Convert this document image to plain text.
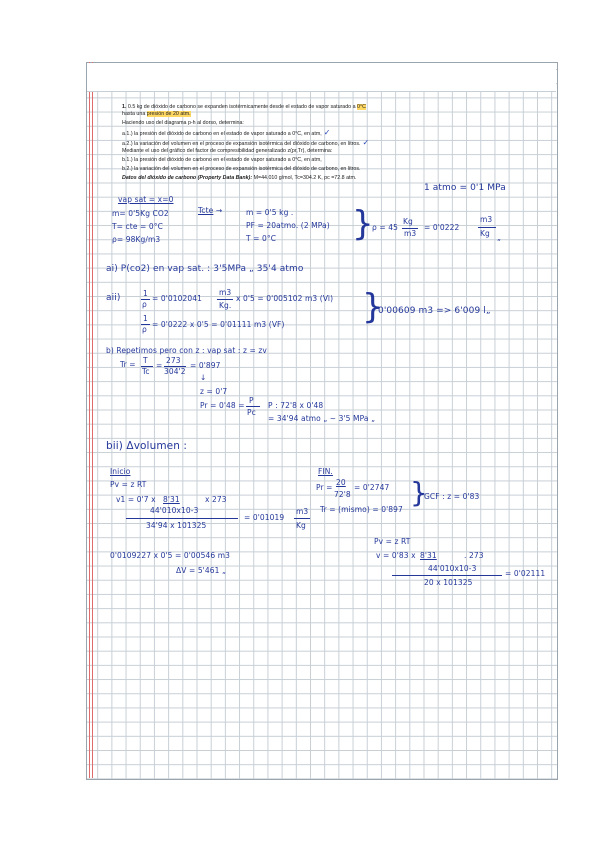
1. 0.5 kg de dióxido de carbono se expanden isotérmicamente desde el estado de vapor saturado a 0°C
hasta una presión de 20 atm.
Haciendo uso del diagrama p-h al dorso, determina:
a.1.) la presión del dióxido de carbono en el estado de vapor saturado a 0°C, en atm, ✓
a.2.) la variación del volumen en el proceso de expansión isotérmica del dióxido de carbono, en litros. ✓
Mediante el uso del gráfico del factor de compresibilidad generalizado z(pr,Tr), determina:
b.1.) la presión del dióxido de carbono en el estado de vapor saturado a 0°C, en atm,
b.2.) la variación del volumen en el proceso de expansión isotérmica del dióxido de carbono, en litros.
Datos del dióxido de carbono (Property Data Bank): M=44.010 g/mol, Tc=304.2 K, pc =72.8 atm.
1 atmo = 0'1 MPa
vap sat = x=0
m= 0'5Kg CO2	Tcte →
T= cte = 0°C
ρ= 98Kg/m3
m = 0'5 kg .
PF = 20atmo. (2 MPa)
T = 0°C }
ρ = 45
Kg
m3
= 0'0222
m3
Kg „
ai) P(co2) en vap sat. : 3'5MPa „ 35'4 atmo
aii)	1
ρ
= 0'0102041
m3
Kg.
x 0'5 = 0'005102 m3 (Vi)
1
ρ
= 0'0222 x 0'5 = 0'01111 m3 (VF) }
0'00609 m3 => 6'009 l„
b) Repetimos pero con z : vap sat : z = zv
Tr = T
Tc
=
273
304'2
= 0'897
↓
z = 0'7
Pr = 0'48 =
P
Pc
P : 72'8 x 0'48
= 34'94 atmo „ ~ 3'5 MPa „
bii) Δvolumen :
Inicio
Pv = z RT
v1 = 0'7 x 8'31	x 273
44'010x10-3
34'94 x 101325
= 0'01019
m3
Kg
FIN.
Pr =
20
72'8
= 0'2747
Tr = (mismo) = 0'897
}
GCF : z = 0'83
Pv = z RT
v = 0'83 x 8'31	. 273
44'010x10-3
20 x 101325
= 0'02111
0'0109227 x 0'5 = 0'00546 m3
ΔV = 5'461 „
